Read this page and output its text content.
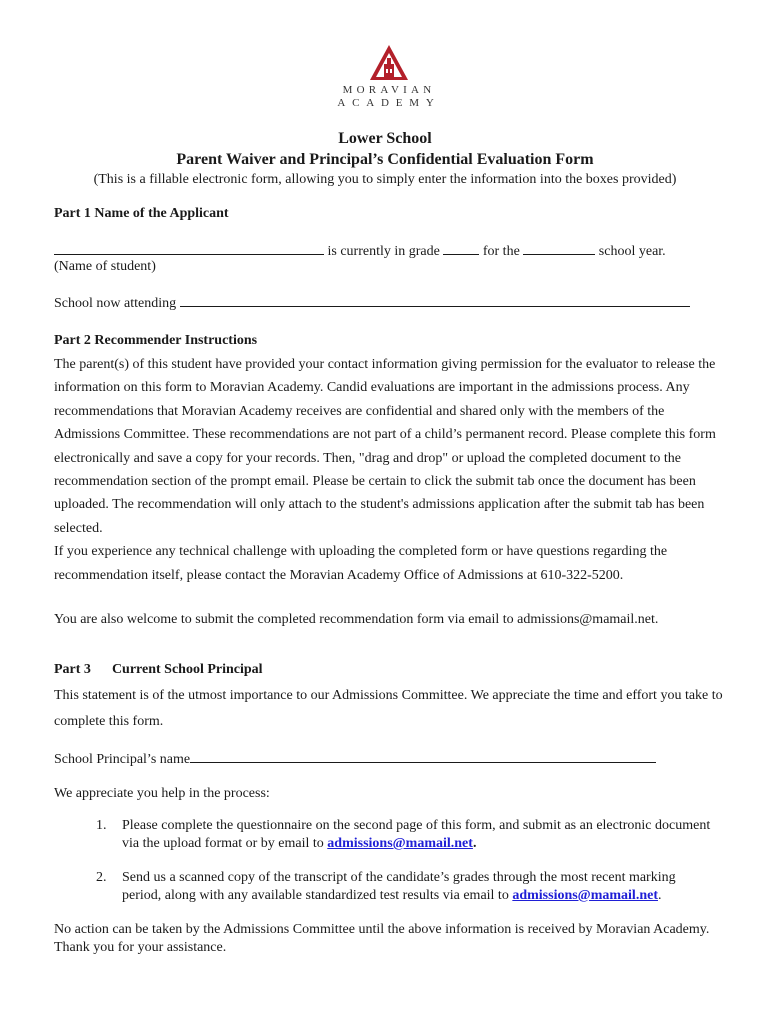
MORAVIAN
ACADEMY
Lower School
Parent Waiver and Principal’s Confidential Evaluation Form
(This is a fillable electronic form, allowing you to simply enter the information into the boxes provided)
Part 1 Name of the Applicant
is currently in grade	for the	school year.
(Name of student)
School now attending
Part 2 Recommender Instructions
The parent(s) of this student have provided your contact information giving permission for the evaluator to release the information on this form to Moravian Academy. Candid evaluations are important in the admissions process. Any recommendations that Moravian Academy receives are confidential and shared only with the members of the Admissions Committee. These recommendations are not part of a child’s permanent record. Please complete this form electronically and save a copy for your records. Then, "drag and drop" or upload the completed document to the recommendation section of the prompt email. Please be certain to click the submit tab once the document has been uploaded. The recommendation will only attach to the student's admissions application after the submit tab has been selected.
If you experience any technical challenge with uploading the completed form or have questions regarding the recommendation itself, please contact the Moravian Academy Office of Admissions at 610-322-5200.
You are also welcome to submit the completed recommendation form via email to admissions@mamail.net.
Part 3 Current School Principal
This statement is of the utmost importance to our Admissions Committee. We appreciate the time and effort you take to complete this form.
School Principal’s name
We appreciate you help in the process:
1.	Please complete the questionnaire on the second page of this form, and submit as an electronic document via the upload format or by email to admissions@mamail.net.
2.	Send us a scanned copy of the transcript of the candidate’s grades through the most recent marking period, along with any available standardized test results via email to admissions@mamail.net.
No action can be taken by the Admissions Committee until the above information is received by Moravian Academy. Thank you for your assistance.
